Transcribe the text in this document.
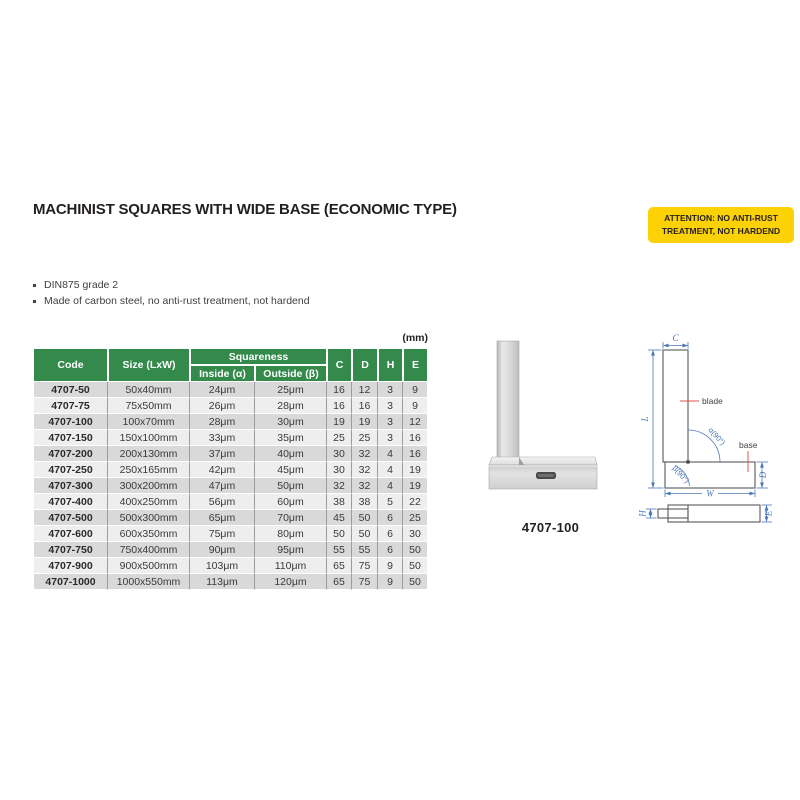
MACHINIST SQUARES WITH WIDE BASE (ECONOMIC TYPE)	ATTENTION: NO ANTI-RUST
TREATMENT, NOT HARDEND
DIN875 grade 2
Made of carbon steel, no anti-rust treatment, not hardend
(mm)
Code	Size (LxW)	Squareness		C	D	H	E
		Inside (α)	Outside (β)				
4707-50	50x40mm	24μm	25μm	16	12	3	9
4707-75	75x50mm	26μm	28μm	16	16	3	9
4707-100	100x70mm	28μm	30μm	19	19	3	12
4707-150	150x100mm	33μm	35μm	25	25	3	16
4707-200	200x130mm	37μm	40μm	30	32	4	16
4707-250	250x165mm	42μm	45μm	30	32	4	19
4707-300	300x200mm	47μm	50μm	32	32	4	19
4707-400	400x250mm	56μm	60μm	38	38	5	22
4707-500	500x300mm	65μm	70μm	45	50	6	25
4707-600	600x350mm	75μm	80μm	50	50	6	30
4707-750	750x400mm	90μm	95μm	55	55	6	50
4707-900	900x500mm	103μm	110μm	65	75	9	50
4707-1000	1000x550mm	113μm	120μm	65	75	9	50
4707-100
C
L
W
D
H	E
α(90°)
β(90°)
blade
base
